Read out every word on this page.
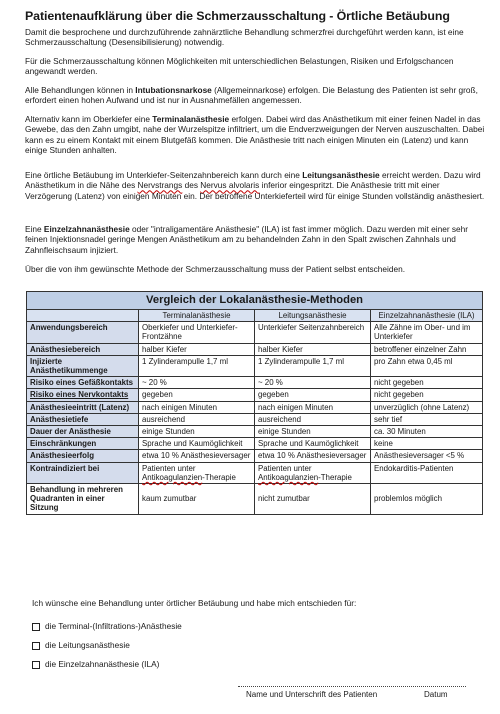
Patientenaufklärung über die Schmerzausschaltung - Örtliche Betäubung

Damit die besprochene und durchzuführende zahnärztliche Behandlung schmerzfrei durchgeführt werden kann, ist eine Schmerzausschaltung (Desensibilisierung) notwendig.

Für die Schmerzausschaltung können Möglichkeiten mit unterschiedlichen Belastungen, Risiken und Erfolgschancen angewandt werden.

Alle Behandlungen können in Intubationsnarkose (Allgemeinnarkose) erfolgen. Die Belastung des Patienten ist sehr groß, erfordert einen hohen Aufwand und ist nur in Ausnahmefällen angemessen.

Alternativ kann im Oberkiefer eine Terminalanästhesie erfolgen. Dabei wird das Anästhetikum mit einer feinen Nadel in das Gewebe, das den Zahn umgibt, nahe der Wurzelspitze infiltriert, um die Endverzweigungen der Nerven auszuschalten. Dabei kann es zu einem Kontakt mit einem Blutgefäß kommen. Die Anästhesie tritt nach einigen Minuten ein (Latenz) und kann einige Stunden anhalten.

Eine örtliche Betäubung im Unterkiefer-Seitenzahnbereich kann durch eine Leitungsanästhesie erreicht werden. Dazu wird Anästhetikum in die Nähe des Nervstrangs des Nervus alvolaris inferior eingespritzt. Die Anästhesie tritt mit einer Verzögerung (Latenz) von einigen Minuten ein. Der betroffene Unterkieferteil wird für einige Stunden vollständig anästhesiert.

Eine Einzelzahnanästhesie oder "intraligamentäre Anästhesie" (ILA) ist fast immer möglich. Dazu werden mit einer sehr feinen Injektionsnadel geringe Mengen Anästhetikum am zu behandelnden Zahn in den Spalt zwischen Zahnhals und Zahnfleischsaum injiziert.

Über die von ihm gewünschte Methode der Schmerzausschaltung muss der Patient selbst entscheiden.

Vergleich der Lokalanästhesie-Methoden			
	Terminalanästhesie	Leitungsanästhesie	Einzelzahnanästhesie (ILA)
Anwendungsbereich	Oberkiefer und Unterkiefer-Frontzähne	Unterkiefer Seitenzahnbereich	Alle Zähne im Ober- und im Unterkiefer
Anästhesiebereich	halber Kiefer	halber Kiefer	betroffener einzelner Zahn
Injizierte Anästhetikummenge	1 Zylinderampulle 1,7 ml	1 Zylinderampulle 1,7 ml	pro Zahn etwa 0,45 ml
Risiko eines Gefäßkontakts	~ 20 %	~ 20 %	nicht gegeben
Risiko eines Nervkontakts	gegeben	gegeben	nicht gegeben
Anästhesieeintritt (Latenz)	nach einigen Minuten	nach einigen Minuten	unverzüglich (ohne Latenz)
Anästhesietiefe	ausreichend	ausreichend	sehr tief
Dauer der Anästhesie	einige Stunden	einige Stunden	ca. 30 Minuten
Einschränkungen	Sprache und Kaumöglichkeit	Sprache und Kaumöglichkeit	keine
Anästhesieerfolg	etwa 10 % Anästhesieversager	etwa 10 % Anästhesieversager	Anästhesieversager <5 %
Kontraindiziert bei	Patienten unter Antikoagulanzien-Therapie	Patienten unter Antikoagulanzien-Therapie	Endokarditis-Patienten
Behandlung in mehreren Quadranten in einer Sitzung	kaum zumutbar	nicht zumutbar	problemlos möglich
Ich wünsche eine Behandlung unter örtlicher Betäubung und habe mich entschieden für:
die Terminal-(Infiltrations-)Anästhesie
die Leitungsanästhesie
die Einzelzahnanästhesie (ILA)
Name und Unterschrift des Patienten	Datum
